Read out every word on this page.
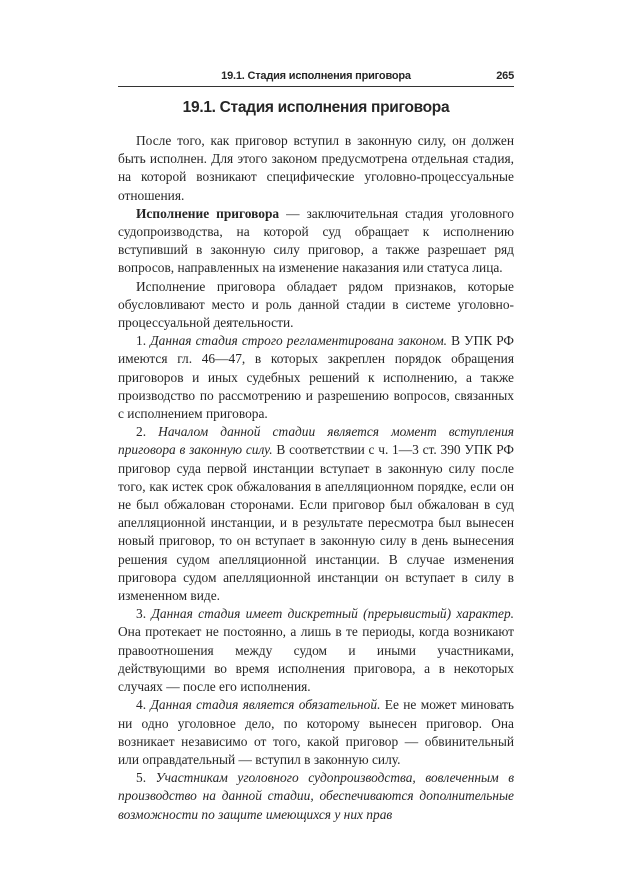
19.1. Стадия исполнения приговора	265
19.1. Стадия исполнения приговора

После того, как приговор вступил в законную силу, он должен быть исполнен. Для этого законом предусмотрена отдельная стадия, на которой возникают специфические уголовно-процессуальные отношения.

Исполнение приговора — заключительная стадия уголовного судопроизводства, на которой суд обращает к исполнению вступивший в законную силу приговор, а также разрешает ряд вопросов, направленных на изменение наказания или статуса лица.

Исполнение приговора обладает рядом признаков, которые обусловливают место и роль данной стадии в системе уголовно-процессуальной деятельности.

1. Данная стадия строго регламентирована законом. В УПК РФ имеются гл. 46—47, в которых закреплен порядок обращения приговоров и иных судебных решений к исполнению, а также производство по рассмотрению и разрешению вопросов, связанных с исполнением приговора.

2. Началом данной стадии является момент вступления приговора в законную силу. В соответствии с ч. 1—3 ст. 390 УПК РФ приговор суда первой инстанции вступает в законную силу после того, как истек срок обжалования в апелляционном порядке, если он не был обжалован сторонами. Если приговор был обжалован в суд апелляционной инстанции, и в результате пересмотра был вынесен новый приговор, то он вступает в законную силу в день вынесения решения судом апелляционной инстанции. В случае изменения приговора судом апелляционной инстанции он вступает в силу в измененном виде.

3. Данная стадия имеет дискретный (прерывистый) характер. Она протекает не постоянно, а лишь в те периоды, когда возникают правоотношения между судом и иными участниками, действующими во время исполнения приговора, а в некоторых случаях — после его исполнения.

4. Данная стадия является обязательной. Ее не может миновать ни одно уголовное дело, по которому вынесен приговор. Она возникает независимо от того, какой приговор — обвинительный или оправдательный — вступил в законную силу.

5. Участникам уголовного судопроизводства, вовлеченным в производство на данной стадии, обеспечиваются дополнительные возможности по защите имеющихся у них прав
